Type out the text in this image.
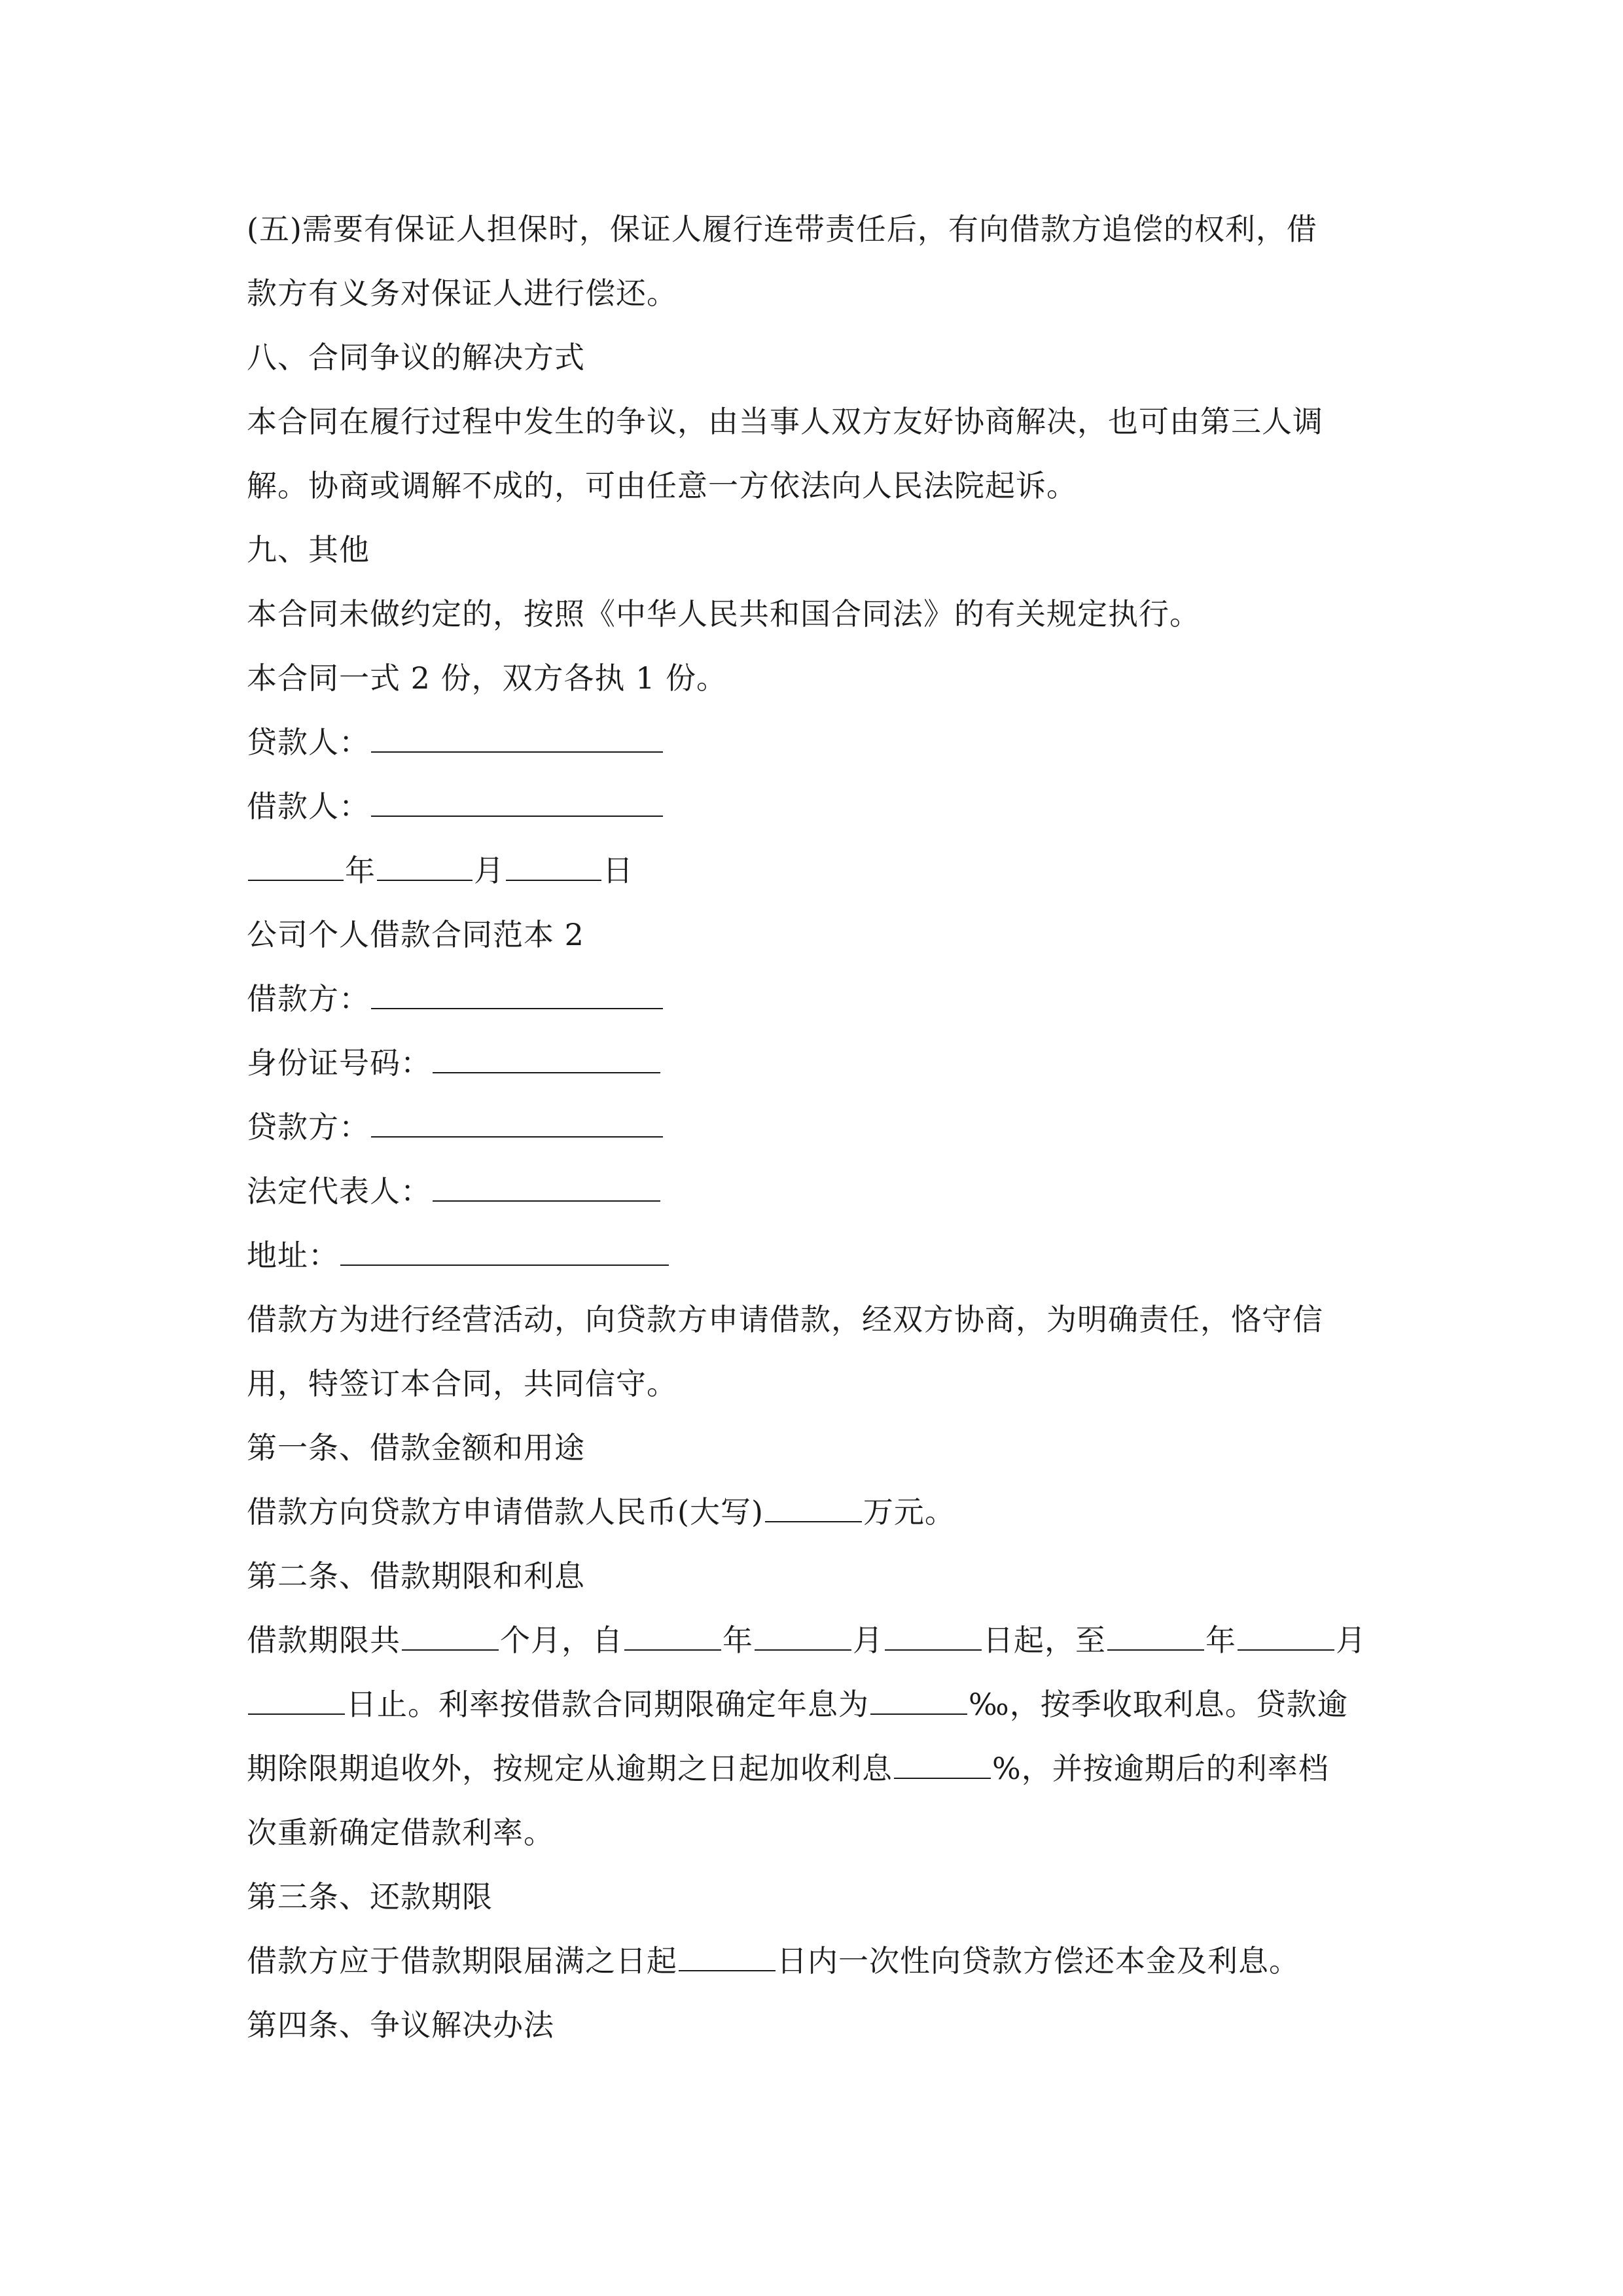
(五)需要有保证人担保时，保证人履行连带责任后，有向借款方追偿的权利，借
款方有义务对保证人进行偿还。
八、合同争议的解决方式
本合同在履行过程中发生的争议，由当事人双方友好协商解决，也可由第三人调
解。协商或调解不成的，可由任意一方依法向人民法院起诉。
九、其他
本合同未做约定的，按照《中华人民共和国合同法》的有关规定执行。
本合同一式 2 份，双方各执 1 份。
贷款人：
借款人：
年	月	日
公司个人借款合同范本 2
借款方：
身份证号码：
贷款方：
法定代表人：
地址：
借款方为进行经营活动，向贷款方申请借款，经双方协商，为明确责任，恪守信
用，特签订本合同，共同信守。
第一条、借款金额和用途
借款方向贷款方申请借款人民币(大写)	万元。
第二条、借款期限和利息
借款期限共	个月，自	年	月	日起，至	年	月
日止。利率按借款合同期限确定年息为	‰，按季收取利息。贷款逾
期除限期追收外，按规定从逾期之日起加收利息	%，并按逾期后的利率档
次重新确定借款利率。
第三条、还款期限
借款方应于借款期限届满之日起	日内一次性向贷款方偿还本金及利息。
第四条、争议解决办法
